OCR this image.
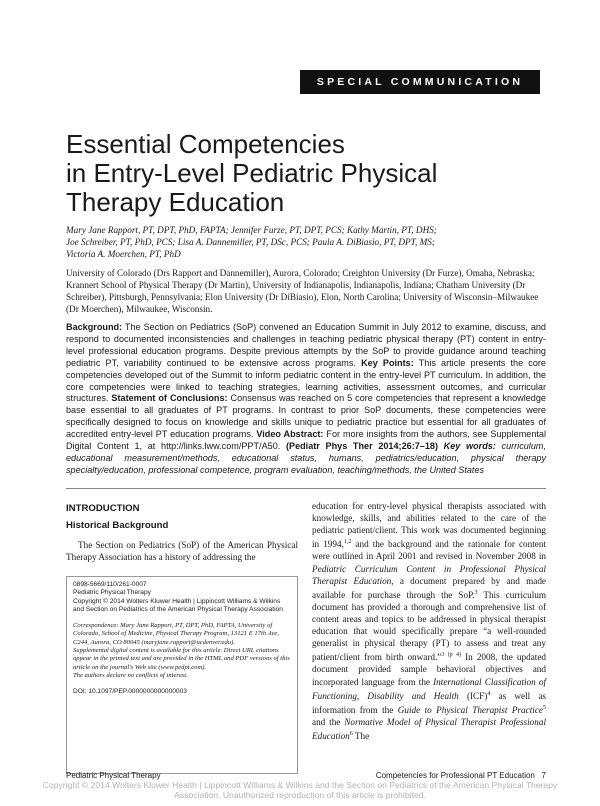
SPECIAL COMMUNICATION
Essential Competencies
in Entry-Level Pediatric Physical
Therapy Education
Mary Jane Rapport, PT, DPT, PhD, FAPTA; Jennifer Furze, PT, DPT, PCS; Kathy Martin, PT, DHS;
Joe Schreiber, PT, PhD, PCS; Lisa A. Dannemiller, PT, DSc, PCS; Paula A. DiBiasio, PT, DPT, MS;
Victoria A. Moerchen, PT, PhD
University of Colorado (Drs Rapport and Dannemiller), Aurora, Colorado; Creighton University (Dr Furze), Omaha, Nebraska; Krannert School of Physical Therapy (Dr Martin), University of Indianapolis, Indianapolis, Indiana; Chatham University (Dr Schreiber), Pittsburgh, Pennsylvania; Elon University (Dr DiBiasio), Elon, North Carolina; University of Wisconsin–Milwaukee (Dr Moerchen), Milwaukee, Wisconsin.
Background: The Section on Pediatrics (SoP) convened an Education Summit in July 2012 to examine, discuss, and respond to documented inconsistencies and challenges in teaching pediatric physical therapy (PT) content in entry-level professional education programs. Despite previous attempts by the SoP to provide guidance around teaching pediatric PT, variability continued to be extensive across programs. Key Points: This article presents the core competencies developed out of the Summit to inform pediatric content in the entry-level PT curriculum. In addition, the core competencies were linked to teaching strategies, learning activities, assessment outcomes, and curricular structures. Statement of Conclusions: Consensus was reached on 5 core competencies that represent a knowledge base essential to all graduates of PT programs. In contrast to prior SoP documents, these competencies were specifically designed to focus on knowledge and skills unique to pediatric practice but essential for all graduates of accredited entry-level PT education programs. Video Abstract: For more insights from the authors, see Supplemental Digital Content 1, at http://links.lww.com/PPT/A50. (Pediatr Phys Ther 2014;26:7–18) Key words: curriculum, educational measurement/methods, educational status, humans, pediatrics/education, physical therapy specialty/education, professional competence, program evaluation, teaching/methods, the United States
INTRODUCTION
Historical Background

The Section on Pediatrics (SoP) of the American Physical Therapy Association has a history of addressing the

0898-5669/110/261-0007

Pediatric Physical Therapy

Copyright © 2014 Wolters Kluwer Health | Lippincott Williams & Wilkins and Section on Pediatrics of the American Physical Therapy Association

Correspondence: Mary Jane Rapport, PT, DPT, PhD, FAPTA, University of Colorado, School of Medicine, Physical Therapy Program, 13121 E 17th Ave, C244, Aurora, CO 80045 (maryjane.rapport@ucdenver.edu).

Supplemental digital content is available for this article. Direct URL citations appear in the printed text and are provided in the HTML and PDF versions of this article on the journal's Web site (www.pedpt.com).

The authors declare no conflicts of interest.

DOI: 10.1097/PEP.0000000000000003

education for entry-level physical therapists associated with knowledge, skills, and abilities related to the care of the pediatric patient/client. This work was documented beginning in 1994,$^{1,2}$ and the background and the rationale for content were outlined in April 2001 and revised in November 2008 in Pediatric Curriculum Content in Professional Physical Therapist Education, a document prepared by and made available for purchase through the SoP.$^3$ This curriculum document has provided a thorough and comprehensive list of content areas and topics to be addressed in physical therapist education that would specifically prepare “a well-rounded generalist in physical therapy (PT) to assess and treat any patient/client from birth onward.”$^{3 (p 4)}$ In 2008, the updated document provided sample behavioral objectives and incorporated language from the International Classification of Functioning, Disability and Health (ICF)$^4$ as well as information from the Guide to Physical Therapist Practice$^5$ and the Normative Model of Physical Therapist Professional Education$^6$ The

Pediatric Physical Therapy	Competencies for Professional PT Education 7
Copyright © 2014 Wolters Kluwer Health | Lippincott Williams & Wilkins and the Section on Pediatrics of the American Physical Therapy Association. Unauthorized reproduction of this article is prohibited.
